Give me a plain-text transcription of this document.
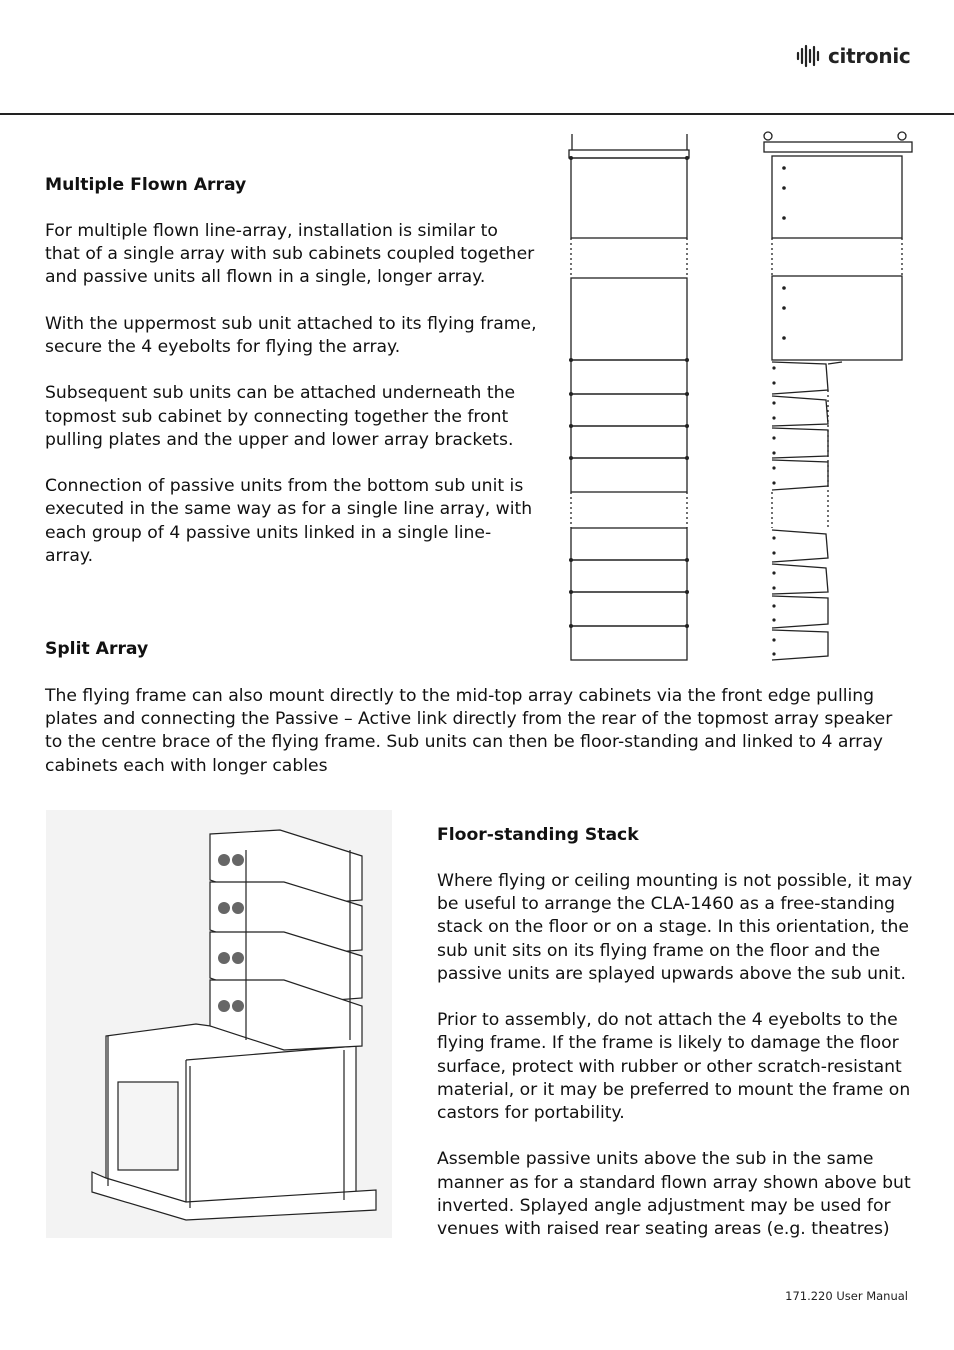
citronic
Multiple Flown Array

For multiple flown line-array, installation is similar to that of a single array with sub cabinets coupled together and passive units all flown in a single, longer array.

With the uppermost sub unit attached to its flying frame, secure the 4 eyebolts for flying the array.

Subsequent sub units can be attached underneath the topmost sub cabinet by connecting together the front pulling plates and the upper and lower array brackets.

Connection of passive units from the bottom sub unit is executed in the same way as for a single line array, with each group of 4 passive units linked in a single line-array.

Split Array

The flying frame can also mount directly to the mid-top array cabinets via the front edge pulling plates and connecting the Passive – Active link directly from the rear of the topmost array speaker to the centre brace of the flying frame. Sub units can then be floor-standing and linked to 4 array cabinets each with longer cables

Floor-standing Stack

Where flying or ceiling mounting is not possible, it may be useful to arrange the CLA-1460 as a free-standing stack on the floor or on a stage. In this orientation, the sub unit sits on its flying frame on the floor and the passive units are splayed upwards above the sub unit.

Prior to assembly, do not attach the 4 eyebolts to the flying frame. If the frame is likely to damage the floor surface, protect with rubber or other scratch-resistant material, or it may be preferred to mount the frame on castors for portability.

Assemble passive units above the sub in the same manner as for a standard flown array shown above but inverted. Splayed angle adjustment may be used for venues with raised rear seating areas (e.g. theatres)

171.220 User Manual
